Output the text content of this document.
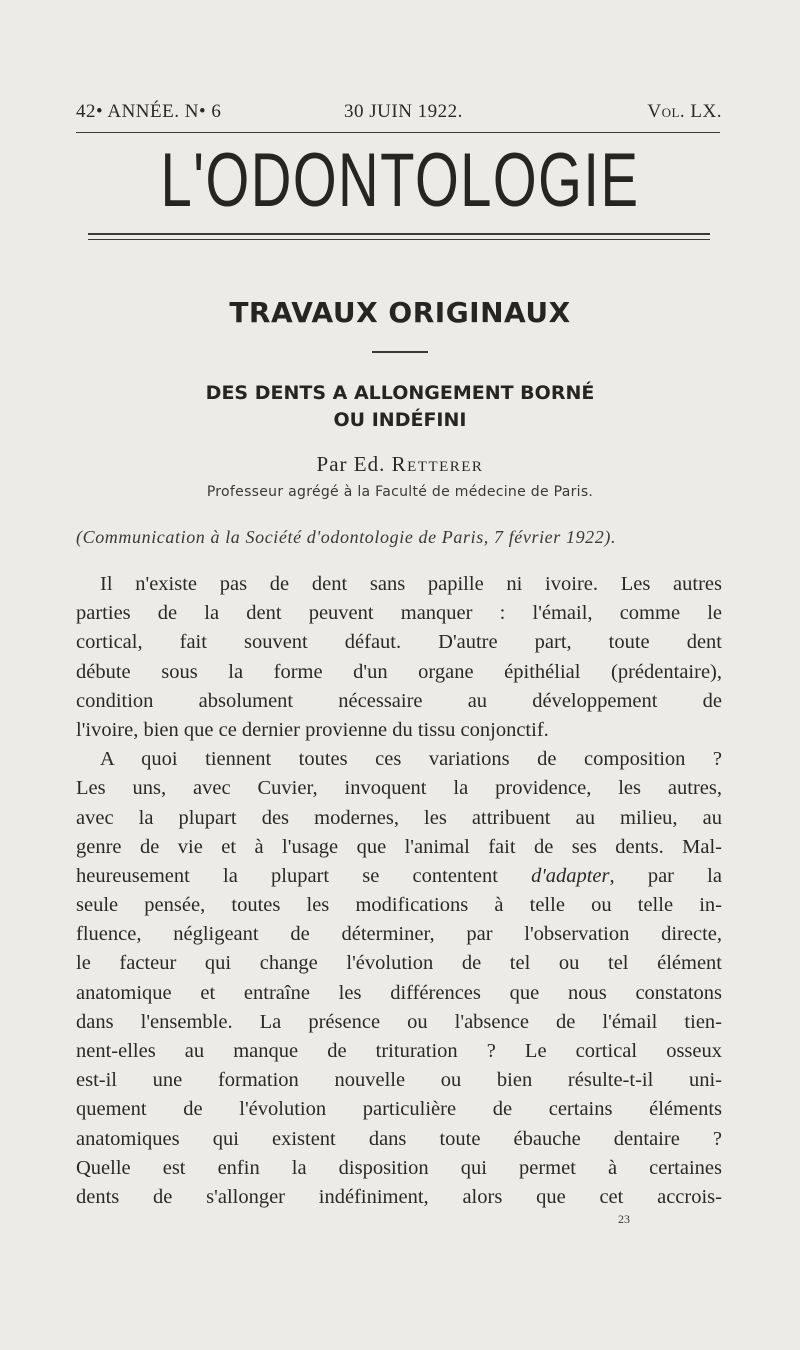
42• ANNÉE. N• 6	30 JUIN 1922.	Vol. LX.
L'ODONTOLOGIE
TRAVAUX ORIGINAUX
DES DENTS A ALLONGEMENT BORNÉ
OU INDÉFINI
Par Ed. Retterer
Professeur agrégé à la Faculté de médecine de Paris.
(Communication à la Société d'odontologie de Paris, 7 février 1922).
Il n'existe pas de dent sans papille ni ivoire. Les autres
parties de la dent peuvent manquer : l'émail, comme le
cortical, fait souvent défaut. D'autre part, toute dent
débute sous la forme d'un organe épithélial (prédentaire),
condition absolument nécessaire au développement de
l'ivoire, bien que ce dernier provienne du tissu conjonctif.
A quoi tiennent toutes ces variations de composition ?
Les uns, avec Cuvier, invoquent la providence, les autres,
avec la plupart des modernes, les attribuent au milieu, au
genre de vie et à l'usage que l'animal fait de ses dents. Mal-
heureusement la plupart se contentent d'adapter, par la
seule pensée, toutes les modifications à telle ou telle in-
fluence, négligeant de déterminer, par l'observation directe,
le facteur qui change l'évolution de tel ou tel élément
anatomique et entraîne les différences que nous constatons
dans l'ensemble. La présence ou l'absence de l'émail tien-
nent-elles au manque de trituration ? Le cortical osseux
est-il une formation nouvelle ou bien résulte-t-il uni-
quement de l'évolution particulière de certains éléments
anatomiques qui existent dans toute ébauche dentaire ?
Quelle est enfin la disposition qui permet à certaines
dents de s'allonger indéfiniment, alors que cet accrois-
23
